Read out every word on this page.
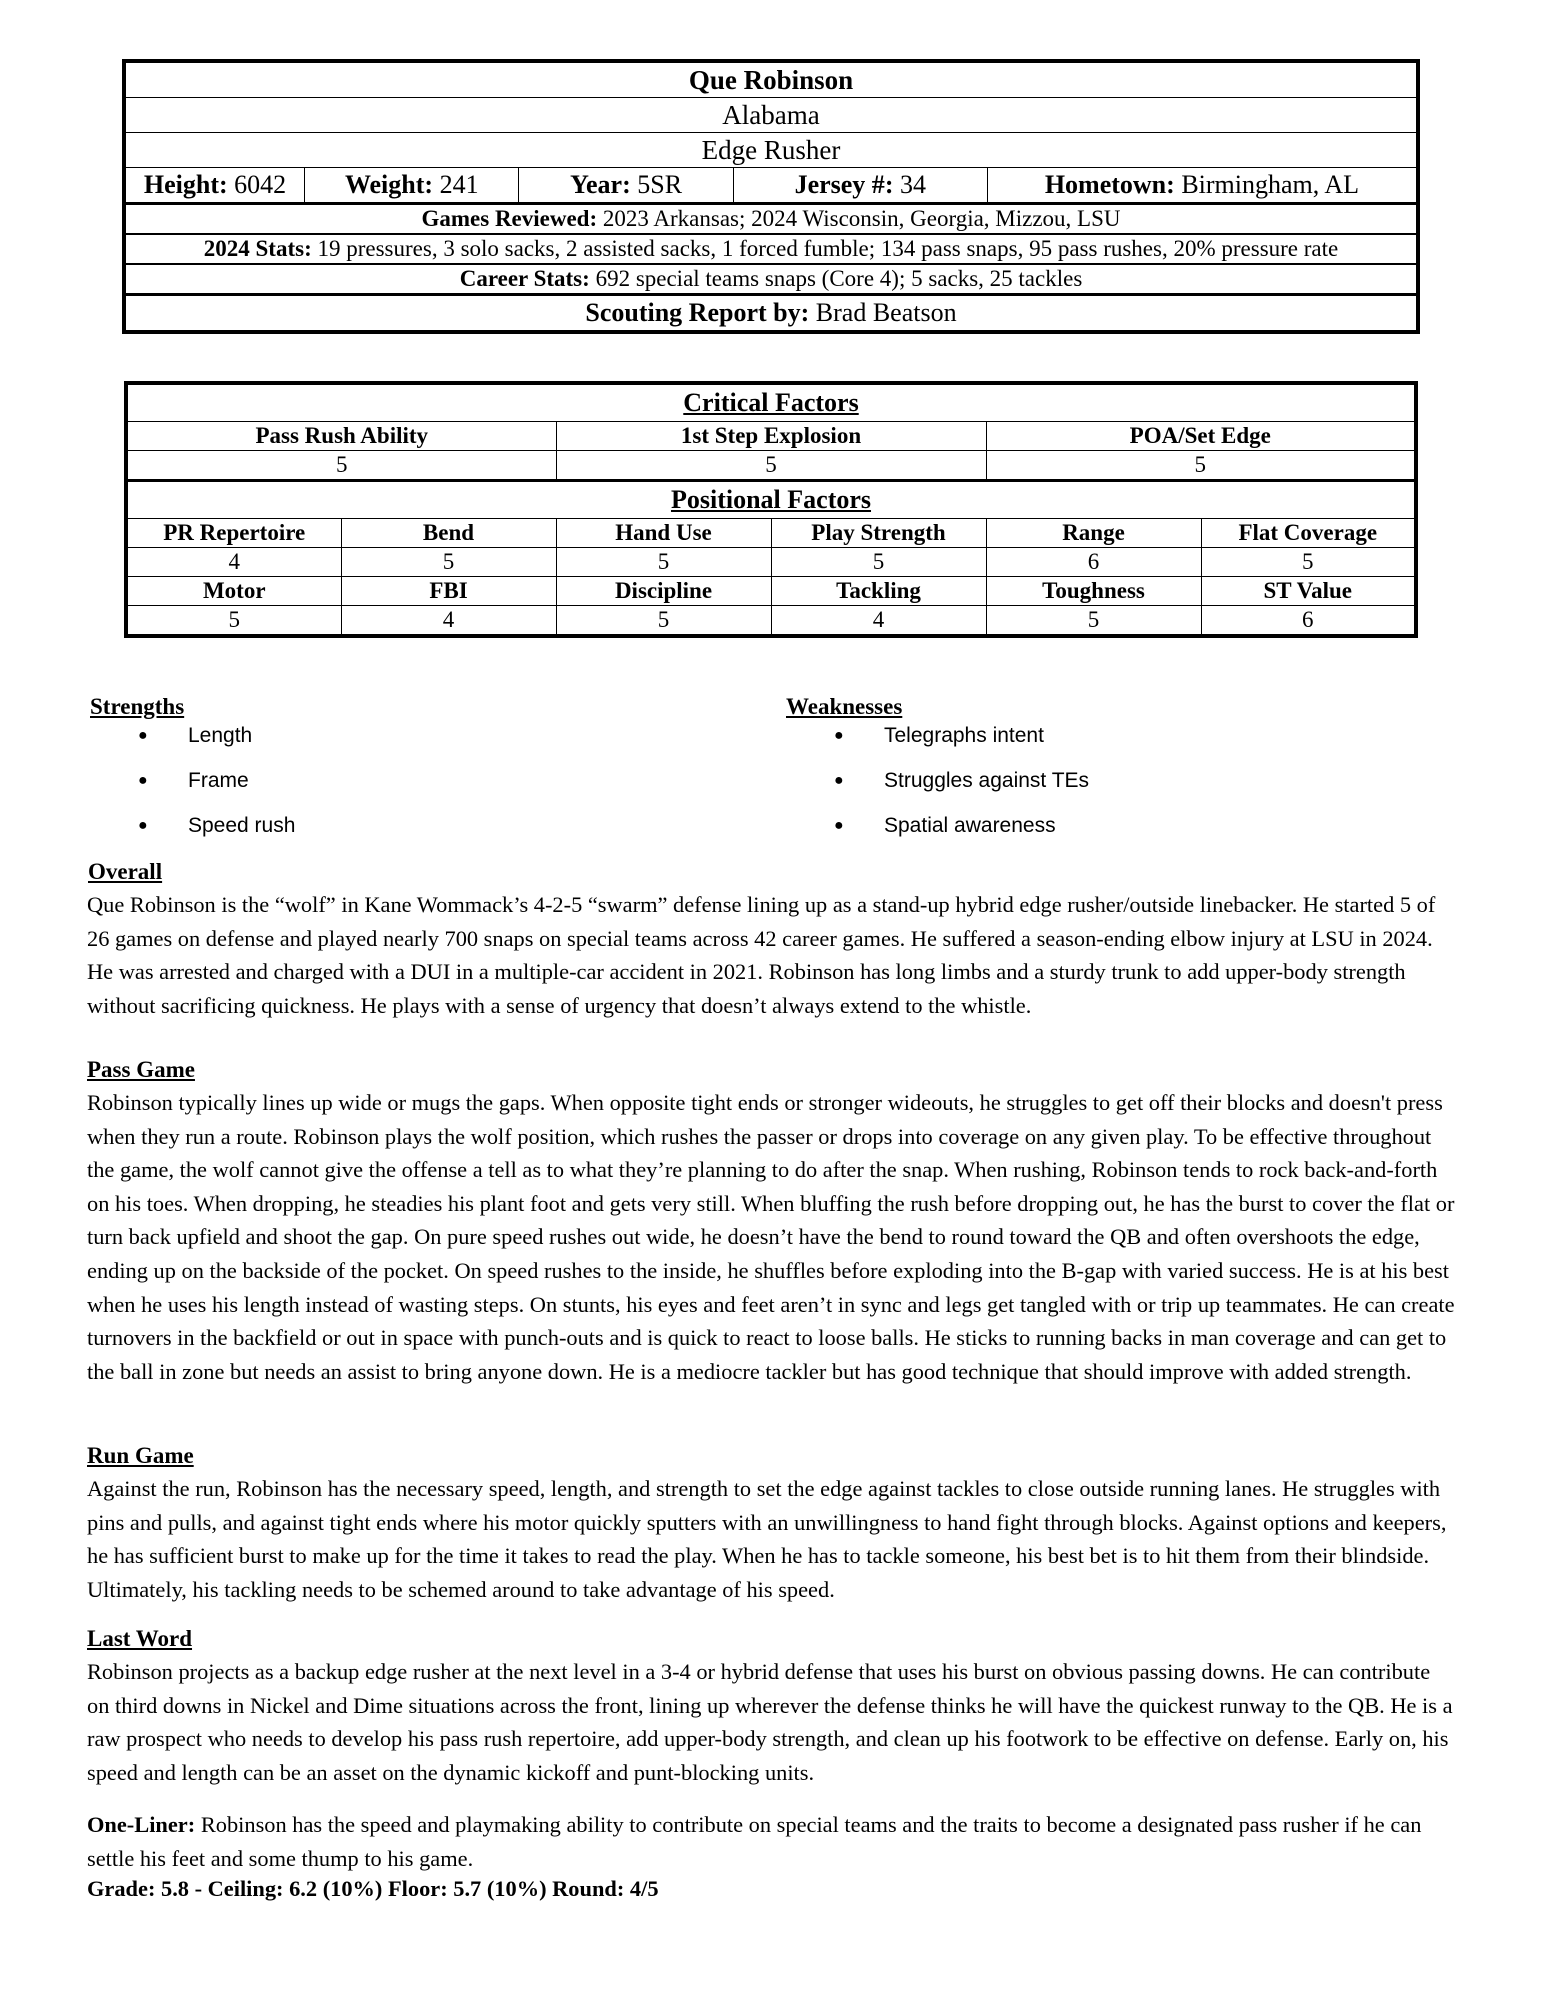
Que Robinson
Alabama
Edge Rusher
Height: 6042	Weight: 241	Year: 5SR	Jersey #: 34	Hometown: Birmingham, AL
Games Reviewed: 2023 Arkansas; 2024 Wisconsin, Georgia, Mizzou, LSU
2024 Stats: 19 pressures, 3 solo sacks, 2 assisted sacks, 1 forced fumble; 134 pass snaps, 95 pass rushes, 20% pressure rate
Career Stats: 692 special teams snaps (Core 4); 5 sacks, 25 tackles
Scouting Report by: Brad Beatson
Critical Factors					
Pass Rush Ability		1st Step Explosion		POA/Set Edge	
5		5		5	
Positional Factors					
PR Repertoire	Bend	Hand Use	Play Strength	Range	Flat Coverage
4	5	5	5	6	5
Motor	FBI	Discipline	Tackling	Toughness	ST Value
5	4	5	4	5	6
Strengths
● Length
● Frame
● Speed rush
Weaknesses
● Telegraphs intent
● Struggles against TEs
● Spatial awareness
Overall

Que Robinson is the “wolf” in Kane Wommack’s 4-2-5 “swarm” defense lining up as a stand-up hybrid edge rusher/outside linebacker. He started 5 of 26 games on defense and played nearly 700 snaps on special teams across 42 career games. He suffered a season-ending elbow injury at LSU in 2024. He was arrested and charged with a DUI in a multiple-car accident in 2021. Robinson has long limbs and a sturdy trunk to add upper-body strength without sacrificing quickness. He plays with a sense of urgency that doesn’t always extend to the whistle.

Pass Game

Robinson typically lines up wide or mugs the gaps. When opposite tight ends or stronger wideouts, he struggles to get off their blocks and doesn't press when they run a route. Robinson plays the wolf position, which rushes the passer or drops into coverage on any given play. To be effective throughout the game, the wolf cannot give the offense a tell as to what they’re planning to do after the snap. When rushing, Robinson tends to rock back-and-forth on his toes. When dropping, he steadies his plant foot and gets very still. When bluffing the rush before dropping out, he has the burst to cover the flat or turn back upfield and shoot the gap. On pure speed rushes out wide, he doesn’t have the bend to round toward the QB and often overshoots the edge, ending up on the backside of the pocket. On speed rushes to the inside, he shuffles before exploding into the B-gap with varied success. He is at his best when he uses his length instead of wasting steps. On stunts, his eyes and feet aren’t in sync and legs get tangled with or trip up teammates. He can create turnovers in the backfield or out in space with punch-outs and is quick to react to loose balls. He sticks to running backs in man coverage and can get to the ball in zone but needs an assist to bring anyone down. He is a mediocre tackler but has good technique that should improve with added strength.

Run Game

Against the run, Robinson has the necessary speed, length, and strength to set the edge against tackles to close outside running lanes. He struggles with pins and pulls, and against tight ends where his motor quickly sputters with an unwillingness to hand fight through blocks. Against options and keepers, he has sufficient burst to make up for the time it takes to read the play. When he has to tackle someone, his best bet is to hit them from their blindside. Ultimately, his tackling needs to be schemed around to take advantage of his speed.

Last Word

Robinson projects as a backup edge rusher at the next level in a 3-4 or hybrid defense that uses his burst on obvious passing downs. He can contribute on third downs in Nickel and Dime situations across the front, lining up wherever the defense thinks he will have the quickest runway to the QB. He is a raw prospect who needs to develop his pass rush repertoire, add upper-body strength, and clean up his footwork to be effective on defense. Early on, his speed and length can be an asset on the dynamic kickoff and punt-blocking units.

One-Liner: Robinson has the speed and playmaking ability to contribute on special teams and the traits to become a designated pass rusher if he can settle his feet and some thump to his game.

Grade: 5.8 - Ceiling: 6.2 (10%) Floor: 5.7 (10%) Round: 4/5
